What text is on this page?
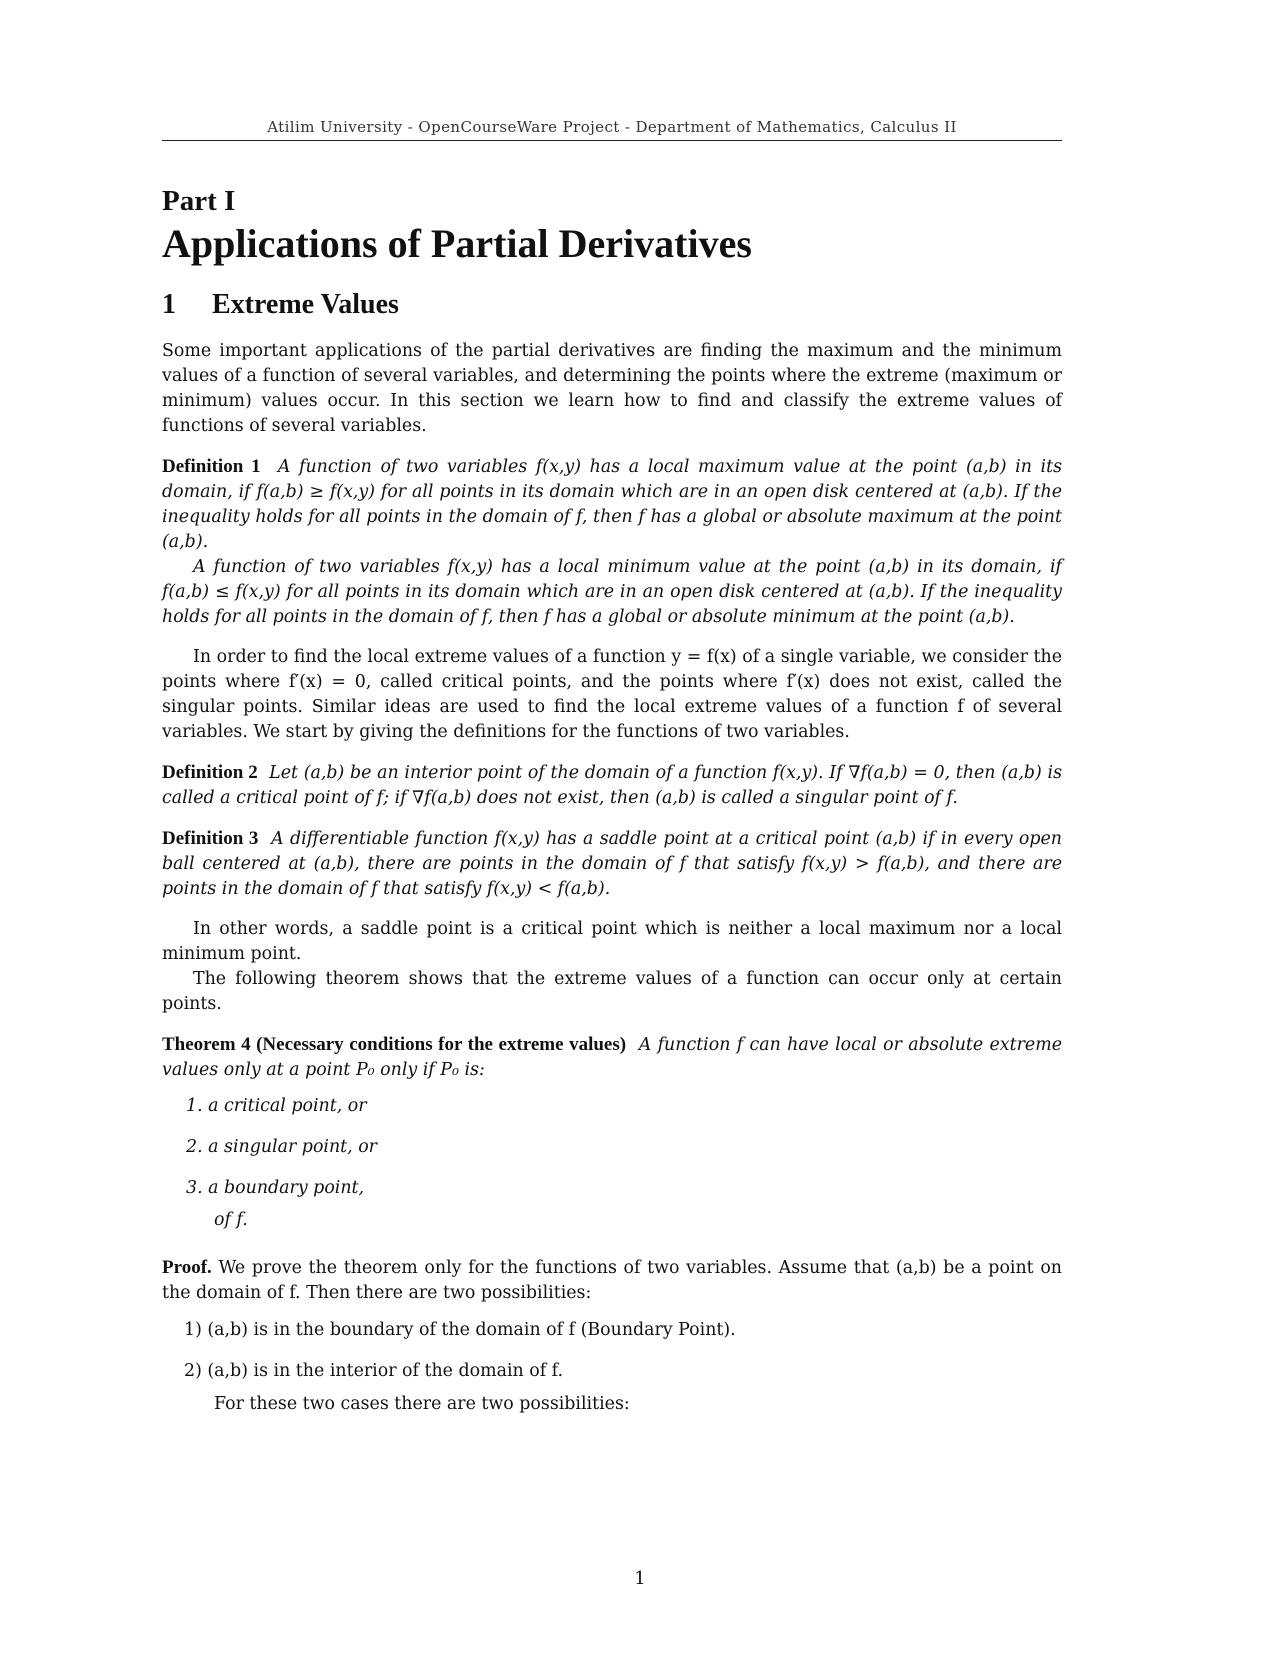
Atilim University - OpenCourseWare Project - Department of Mathematics, Calculus II
Part I
Applications of Partial Derivatives
1 Extreme Values

Some important applications of the partial derivatives are finding the maximum and the minimum values of a function of several variables, and determining the points where the extreme (maximum or minimum) values occur. In this section we learn how to find and classify the extreme values of functions of several variables.

Definition 1 A function of two variables f(x,y) has a local maximum value at the point (a,b) in its domain, if f(a,b) ≥ f(x,y) for all points in its domain which are in an open disk centered at (a,b). If the inequality holds for all points in the domain of f, then f has a global or absolute maximum at the point (a,b).

A function of two variables f(x,y) has a local minimum value at the point (a,b) in its domain, if f(a,b) ≤ f(x,y) for all points in its domain which are in an open disk centered at (a,b). If the inequality holds for all points in the domain of f, then f has a global or absolute minimum at the point (a,b).

In order to find the local extreme values of a function y = f(x) of a single variable, we consider the points where f′(x) = 0, called critical points, and the points where f′(x) does not exist, called the singular points. Similar ideas are used to find the local extreme values of a function f of several variables. We start by giving the definitions for the functions of two variables.

Definition 2 Let (a,b) be an interior point of the domain of a function f(x,y). If ∇f(a,b) = 0, then (a,b) is called a critical point of f; if ∇f(a,b) does not exist, then (a,b) is called a singular point of f.

Definition 3 A differentiable function f(x,y) has a saddle point at a critical point (a,b) if in every open ball centered at (a,b), there are points in the domain of f that satisfy f(x,y) > f(a,b), and there are points in the domain of f that satisfy f(x,y) < f(a,b).

In other words, a saddle point is a critical point which is neither a local maximum nor a local minimum point.

The following theorem shows that the extreme values of a function can occur only at certain points.

Theorem 4 (Necessary conditions for the extreme values) A function f can have local or absolute extreme values only at a point P₀ only if P₀ is:

1. a critical point, or
2. a singular point, or
3. a boundary point,
of f.

Proof. We prove the theorem only for the functions of two variables. Assume that (a,b) be a point on the domain of f. Then there are two possibilities:

1) (a,b) is in the boundary of the domain of f (Boundary Point).
2) (a,b) is in the interior of the domain of f.
For these two cases there are two possibilities:
1
